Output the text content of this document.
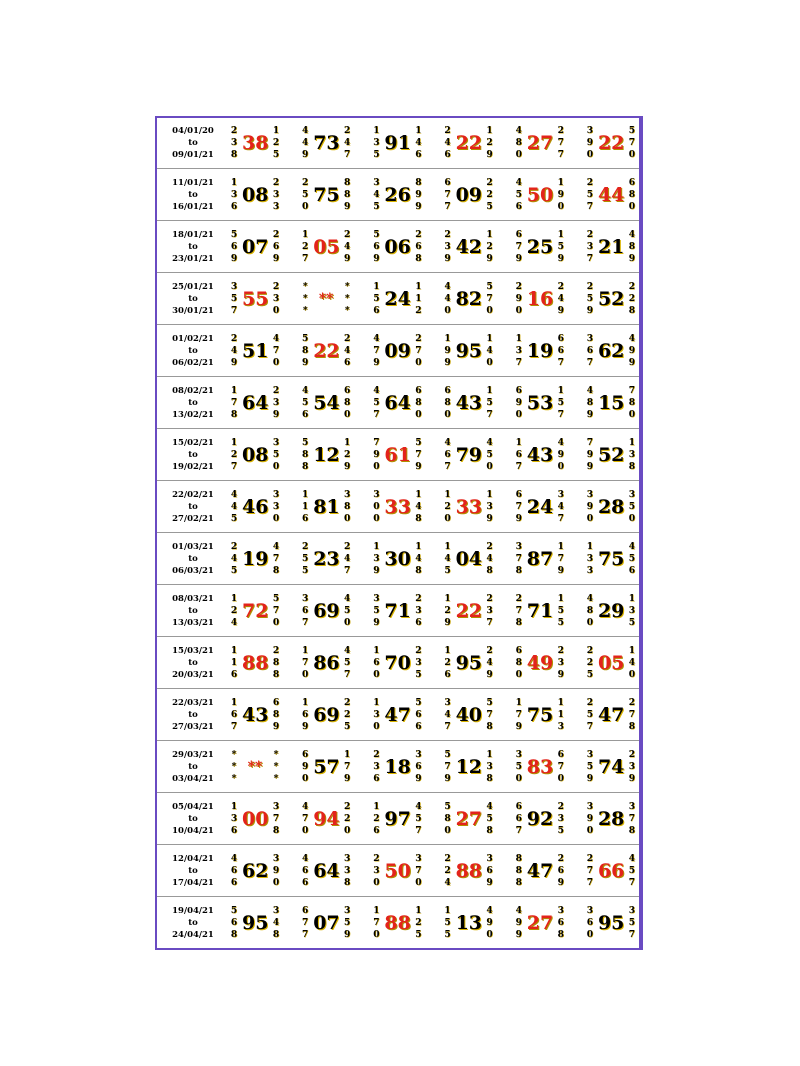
04/01/20
to
09/01/21
2
3
8
38
1
2
5
4
4
9
73
2
4
7
1
3
5
91
1
4
6
2
4
6
22
1
2
9
4
8
0
27
2
7
7
3
9
0
22
5
7
0
11/01/21
to
16/01/21
1
3
6
08
2
3
3
2
5
0
75
8
8
9
3
4
5
26
8
9
9
6
7
7
09
2
2
5
4
5
6
50
1
9
0
2
5
7
44
6
8
0
18/01/21
to
23/01/21
5
6
9
07
2
6
9
1
2
7
05
2
4
9
5
6
9
06
2
6
8
2
3
9
42
1
2
9
6
7
9
25
1
5
9
2
3
7
21
4
8
9
25/01/21
to
30/01/21
3
5
7
55
2
3
0
*
*
*
**
*
*
*
1
5
6
24
1
1
2
4
4
0
82
5
7
0
2
9
0
16
2
4
9
2
5
9
52
2
2
8
01/02/21
to
06/02/21
2
4
9
51
4
7
0
5
8
9
22
2
4
6
4
7
9
09
2
7
0
1
9
9
95
1
4
0
1
3
7
19
6
6
7
3
6
7
62
4
9
9
08/02/21
to
13/02/21
1
7
8
64
2
3
9
4
5
6
54
6
8
0
4
5
7
64
6
8
0
6
8
0
43
1
5
7
6
9
0
53
1
5
7
4
8
9
15
7
8
0
15/02/21
to
19/02/21
1
2
7
08
3
5
0
5
8
8
12
1
2
9
7
9
0
61
5
7
9
4
6
7
79
4
5
0
1
6
7
43
4
9
0
7
9
9
52
1
3
8
22/02/21
to
27/02/21
4
4
5
46
3
3
0
1
1
6
81
3
8
0
3
0
0
33
1
4
8
1
2
0
33
1
3
9
6
7
9
24
3
4
7
3
9
0
28
3
5
0
01/03/21
to
06/03/21
2
4
5
19
4
7
8
2
5
5
23
2
4
7
1
3
9
30
1
4
8
1
4
5
04
2
4
8
3
7
8
87
1
7
9
1
3
3
75
4
5
6
08/03/21
to
13/03/21
1
2
4
72
5
7
0
3
6
7
69
4
5
0
3
5
9
71
2
3
6
1
2
9
22
2
3
7
2
7
8
71
1
5
5
4
8
0
29
1
3
5
15/03/21
to
20/03/21
1
1
6
88
2
8
8
1
7
0
86
4
5
7
1
6
0
70
2
3
5
1
2
6
95
2
4
9
6
8
0
49
2
3
9
2
2
5
05
1
4
0
22/03/21
to
27/03/21
1
6
7
43
6
8
9
1
6
9
69
2
2
5
1
3
0
47
5
6
6
3
4
7
40
5
7
8
1
7
9
75
1
1
3
2
5
7
47
2
7
8
29/03/21
to
03/04/21
*
*
*
**
*
*
*
6
9
0
57
1
7
9
2
3
6
18
3
6
9
5
7
9
12
1
3
8
3
5
0
83
6
7
0
3
5
9
74
2
3
9
05/04/21
to
10/04/21
1
3
6
00
3
7
8
4
7
0
94
2
2
0
1
2
6
97
4
5
7
5
8
0
27
4
5
8
6
6
7
92
2
3
5
3
9
0
28
3
7
8
12/04/21
to
17/04/21
4
6
6
62
3
9
0
4
6
6
64
3
3
8
2
3
0
50
3
7
0
2
2
4
88
3
6
9
8
8
8
47
2
6
9
2
7
7
66
4
5
7
19/04/21
to
24/04/21
5
6
8
95
3
4
8
6
7
7
07
3
5
9
1
7
0
88
1
2
5
1
5
5
13
4
9
0
4
9
9
27
3
6
8
3
6
0
95
3
5
7
